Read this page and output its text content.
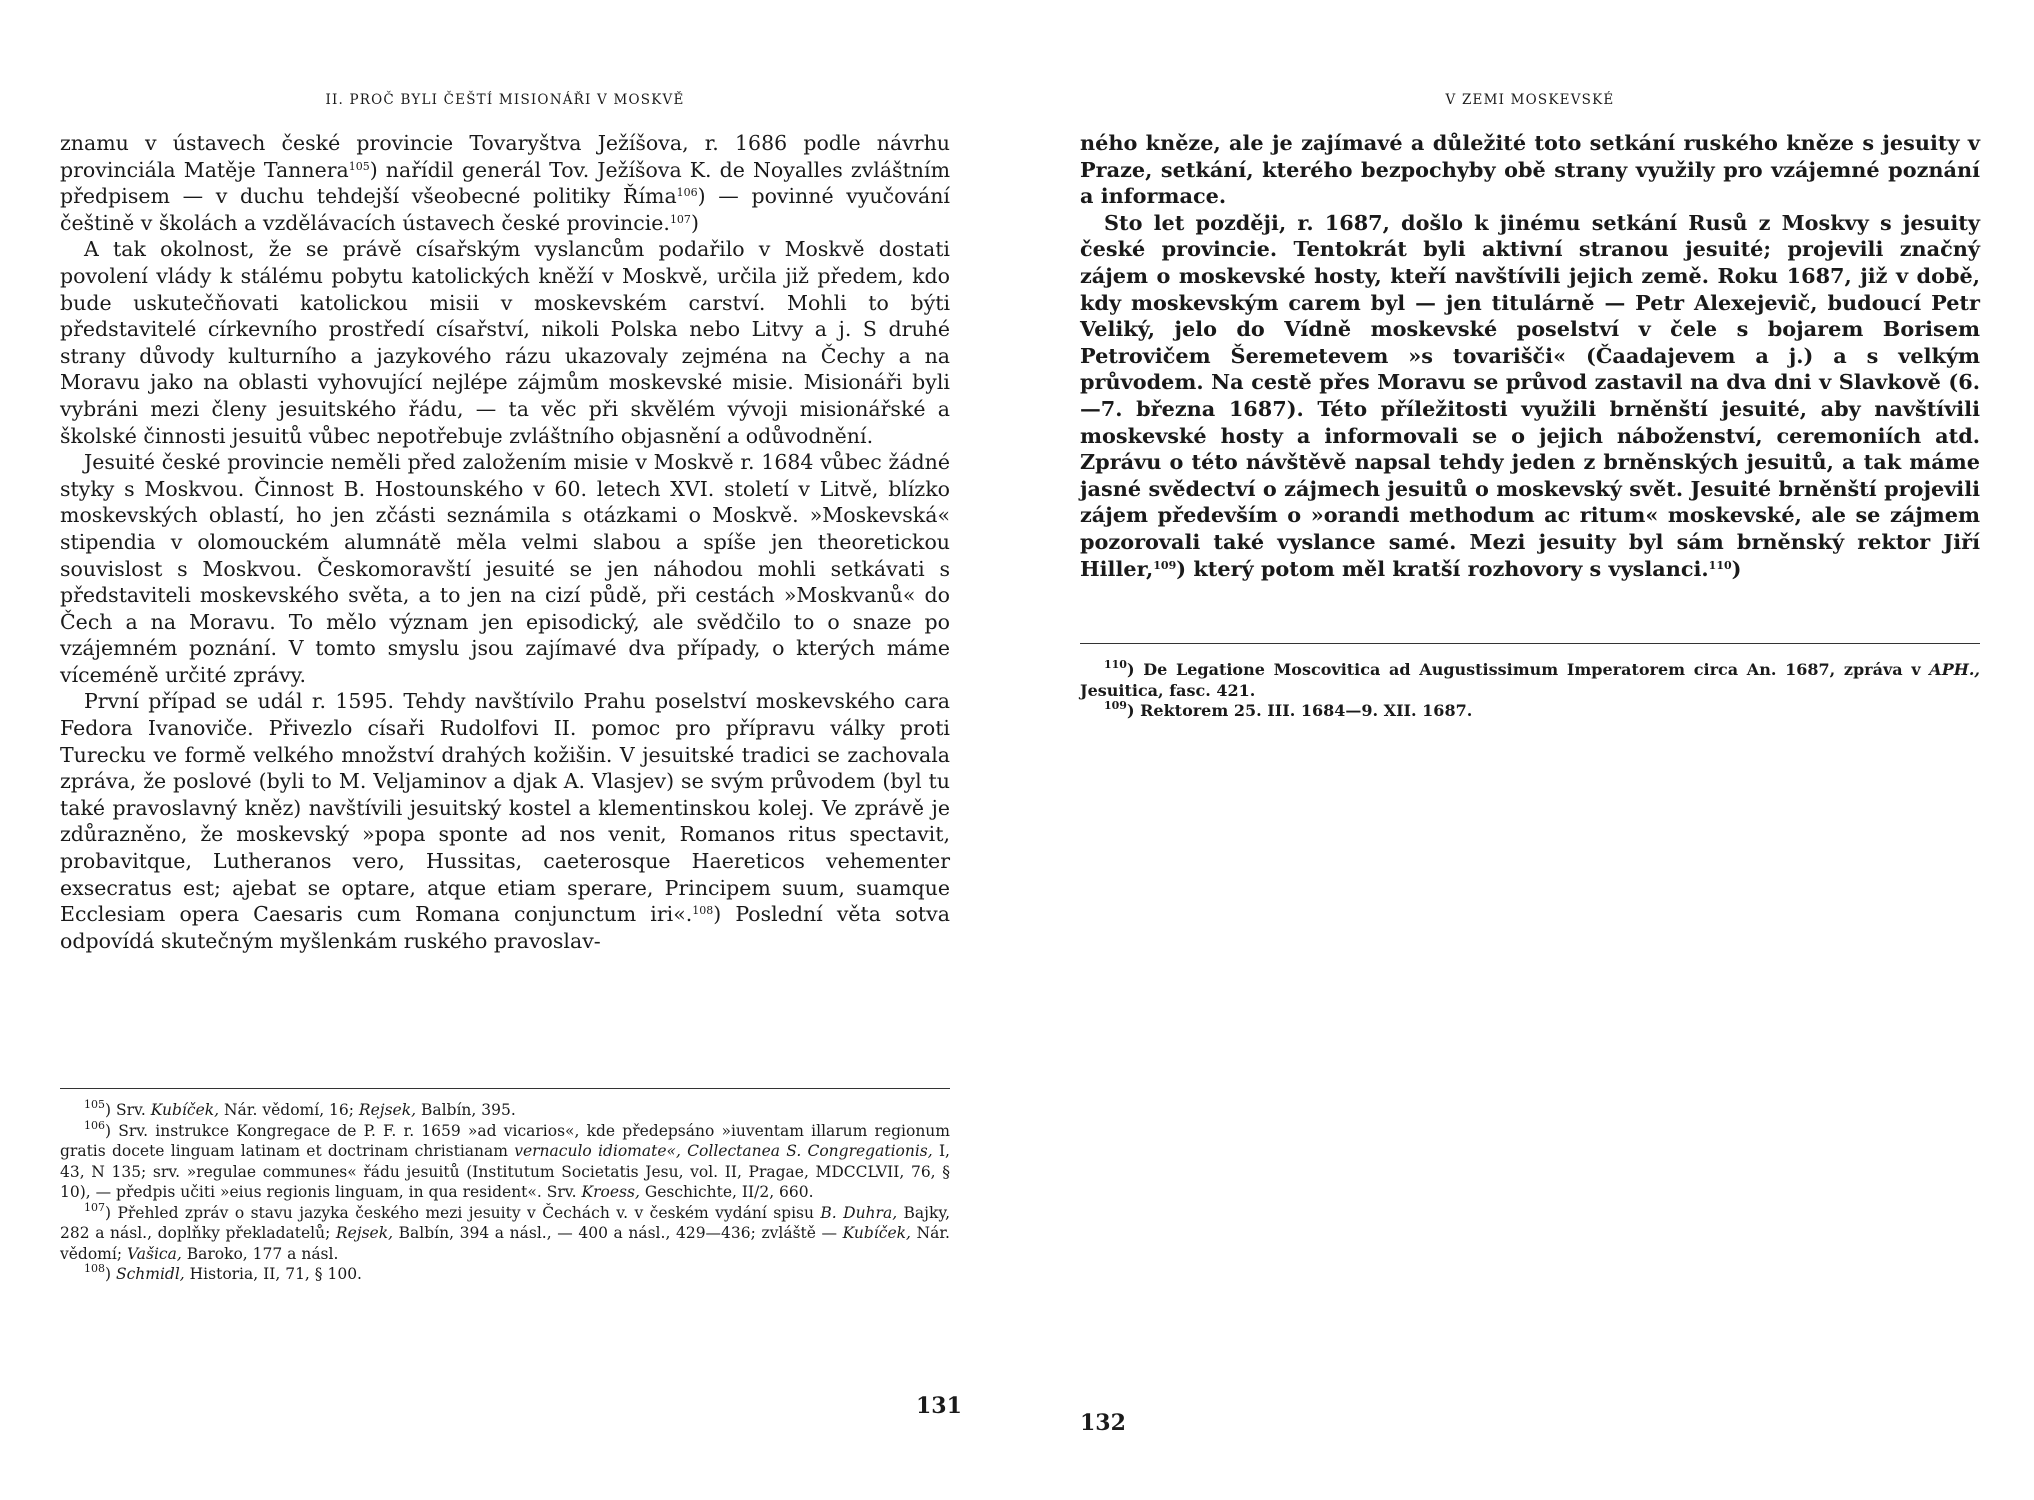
II. PROČ BYLI ČEŠTÍ MISIONÁŘI V MOSKVĚ

znamu v ústavech české provincie Tovaryštva Ježíšova, r. 1686 podle návrhu provinciála Matěje Tannera$^{105}$) nařídil generál Tov. Ježíšova K. de Noyalles zvláštním předpisem — v duchu tehdejší všeobecné politiky Říma$^{106}$) — povinné vyučování češtině v školách a vzdělávacích ústavech české provincie.$^{107}$)

A tak okolnost, že se právě císařským vyslancům podařilo v Moskvě dostati povolení vlády k stálému pobytu katolických kněží v Moskvě, určila již předem, kdo bude uskutečňovati katolickou misii v moskevském carství. Mohli to býti představitelé církevního prostředí císařství, nikoli Polska nebo Litvy a j. S druhé strany důvody kulturního a jazykového rázu ukazovaly zejména na Čechy a na Moravu jako na oblasti vyhovující nejlépe zájmům moskevské misie. Misionáři byli vybráni mezi členy jesuitského řádu, — ta věc při skvělém vývoji misionářské a školské činnosti jesuitů vůbec nepotřebuje zvláštního objasnění a odůvodnění.

Jesuité české provincie neměli před založením misie v Moskvě r. 1684 vůbec žádné styky s Moskvou. Činnost B. Hostounského v 60. letech XVI. století v Litvě, blízko moskevských oblastí, ho jen zčásti seznámila s otázkami o Moskvě. »Moskevská« stipendia v olomouckém alumnátě měla velmi slabou a spíše jen theoretickou souvislost s Moskvou. Českomoravští jesuité se jen náhodou mohli setkávati s představiteli moskevského světa, a to jen na cizí půdě, při cestách »Moskvanů« do Čech a na Moravu. To mělo význam jen episodický, ale svědčilo to o snaze po vzájemném poznání. V tomto smyslu jsou zajímavé dva případy, o kterých máme víceméně určité zprávy.

První případ se udál r. 1595. Tehdy navštívilo Prahu poselství moskevského cara Fedora Ivanoviče. Přivezlo císaři Rudolfovi II. pomoc pro přípravu války proti Turecku ve formě velkého množství drahých kožišin. V jesuitské tradici se zachovala zpráva, že poslové (byli to M. Veljaminov a djak A. Vlasjev) se svým průvodem (byl tu také pravoslavný kněz) navštívili jesuitský kostel a klementinskou kolej. Ve zprávě je zdůrazněno, že moskevský »popa sponte ad nos venit, Romanos ritus spectavit, probavitque, Lutheranos vero, Hussitas, caeterosque Haereticos vehementer exsecratus est; ajebat se optare, atque etiam sperare, Principem suum, suamque Ecclesiam opera Caesaris cum Romana conjunctum iri«.$^{108}$) Poslední věta sotva odpovídá skutečným myšlenkám ruského pravoslav-

$^{105}$) Srv. Kubíček, Nár. vědomí, 16; Rejsek, Balbín, 395.

$^{106}$) Srv. instrukce Kongregace de P. F. r. 1659 »ad vicarios«, kde předepsáno »iuventam illarum regionum gratis docete linguam latinam et doctrinam christianam vernaculo idiomate«, Collectanea S. Congregationis, I, 43, N 135; srv. »regulae communes« řádu jesuitů (Institutum Societatis Jesu, vol. II, Pragae, MDCCLVII, 76, § 10), — předpis učiti »eius regionis linguam, in qua resident«. Srv. Kroess, Geschichte, II/2, 660.

$^{107}$) Přehled zpráv o stavu jazyka českého mezi jesuity v Čechách v. v českém vydání spisu B. Duhra, Bajky, 282 a násl., doplňky překladatelů; Rejsek, Balbín, 394 a násl., — 400 a násl., 429—436; zvláště — Kubíček, Nár. vědomí; Vašica, Baroko, 177 a násl.

$^{108}$) Schmidl, Historia, II, 71, § 100.

131
V ZEMI MOSKEVSKÉ

ného kněze, ale je zajímavé a důležité toto setkání ruského kněze s jesuity v Praze, setkání, kterého bezpochyby obě strany využily pro vzájemné poznání a informace.

Sto let později, r. 1687, došlo k jinému setkání Rusů z Moskvy s jesuity české provincie. Tentokrát byli aktivní stranou jesuité; projevili značný zájem o moskevské hosty, kteří navštívili jejich země. Roku 1687, již v době, kdy moskevským carem byl — jen titulárně — Petr Alexejevič, budoucí Petr Veliký, jelo do Vídně moskevské poselství v čele s bojarem Borisem Petrovičem Šeremetevem »s tovarišči« (Čaadajevem a j.) a s velkým průvodem. Na cestě přes Moravu se průvod zastavil na dva dni v Slavkově (6.—7. března 1687). Této příležitosti využili brněnští jesuité, aby navštívili moskevské hosty a informovali se o jejich náboženství, ceremoniích atd. Zprávu o této návštěvě napsal tehdy jeden z brněnských jesuitů, a tak máme jasné svědectví o zájmech jesuitů o moskevský svět. Jesuité brněnští projevili zájem především o »orandi methodum ac ritum« moskevské, ale se zájmem pozorovali také vyslance samé. Mezi jesuity byl sám brněnský rektor Jiří Hiller,$^{109}$) který potom měl kratší rozhovory s vyslanci.$^{110}$)

$^{110}$) De Legatione Moscovitica ad Augustissimum Imperatorem circa An. 1687, zpráva v APH., Jesuitica, fasc. 421.

$^{109}$) Rektorem 25. III. 1684—9. XII. 1687.

132
